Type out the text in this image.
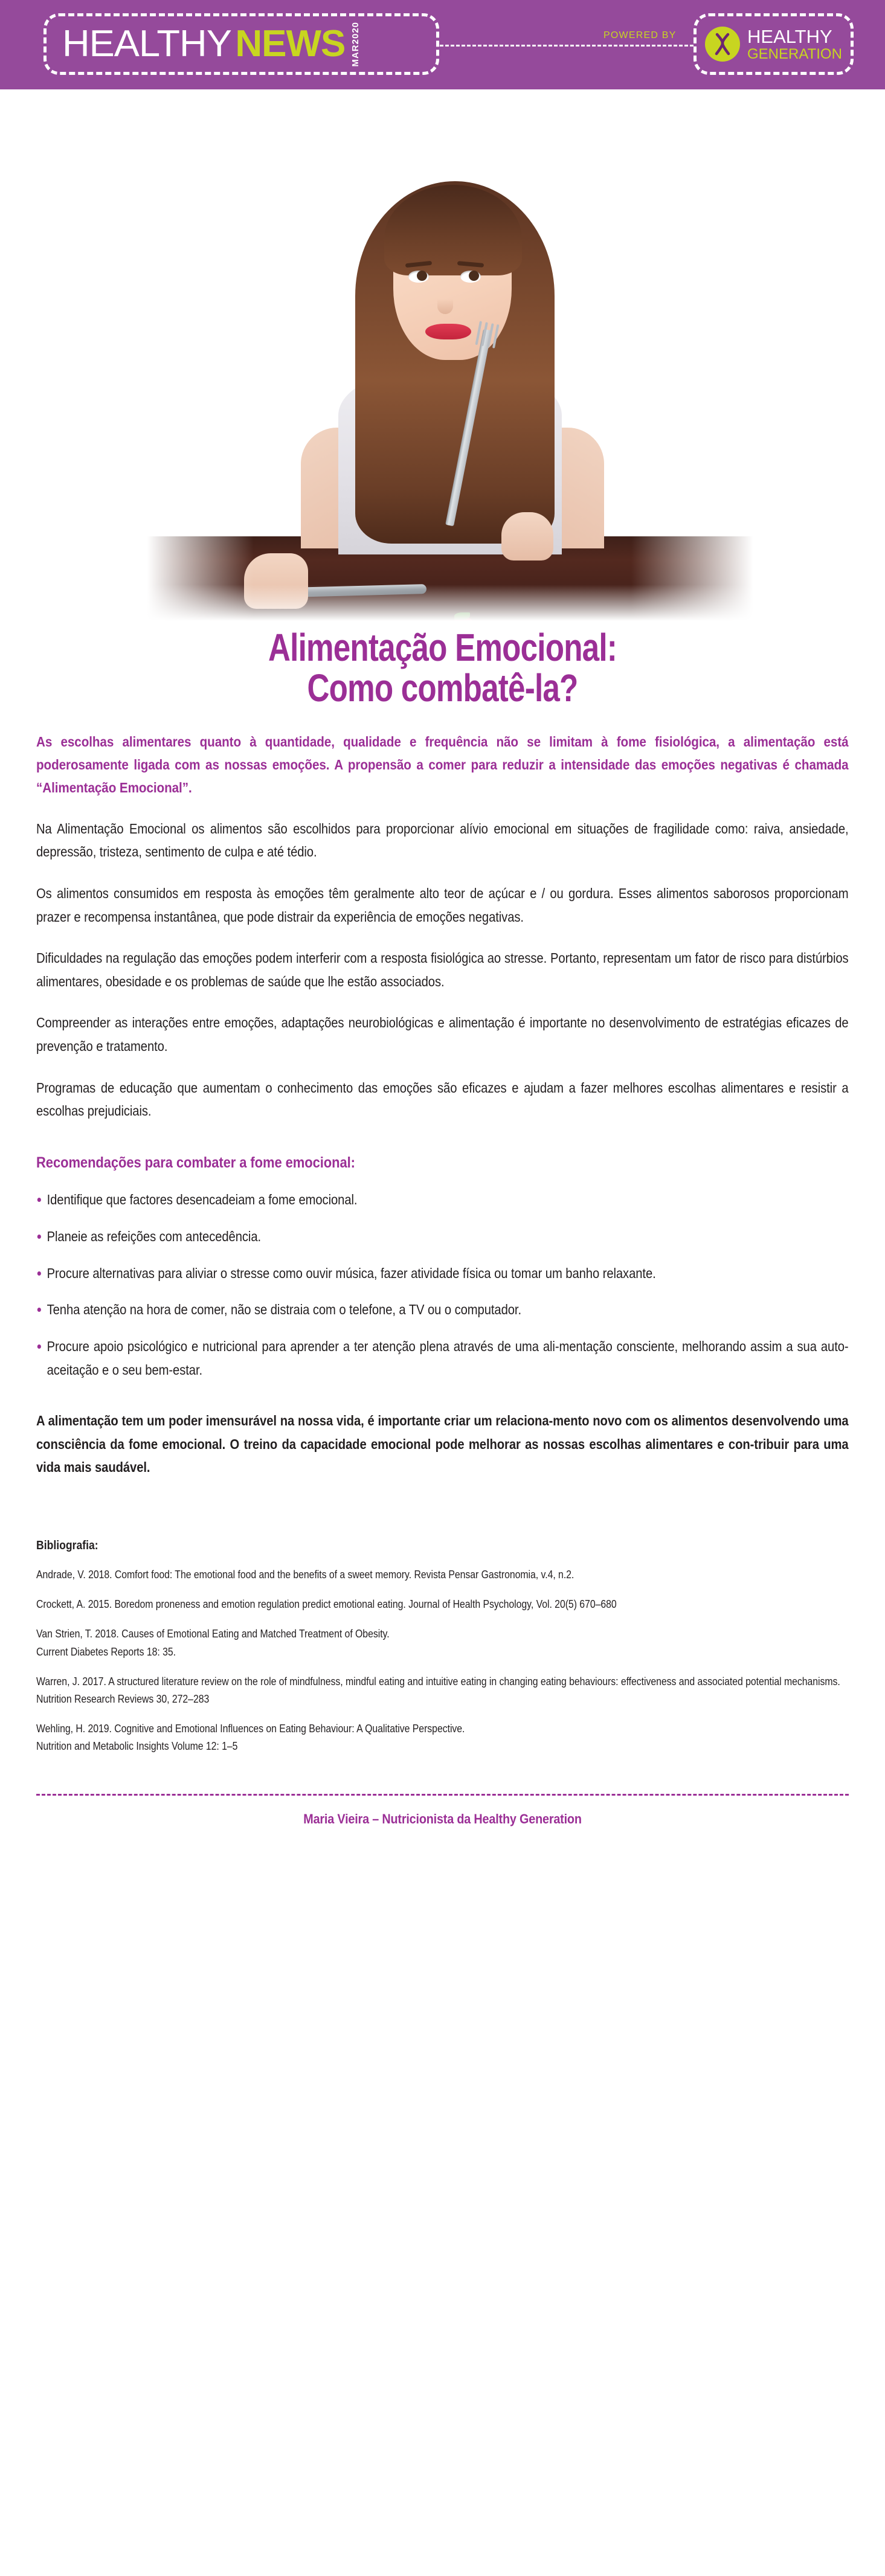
HEALTHY NEWS MAR2020	POWERED BY	HEALTHY
GENERATION
Alimentação Emocional:
Como combatê-la?
As escolhas alimentares quanto à quantidade, qualidade e frequência não se limitam à fome fisiológica, a alimentação está poderosamente ligada com as nossas emoções. A propensão a comer para reduzir a intensidade das emoções negativas é chamada “Alimentação Emocional”.
Na Alimentação Emocional os alimentos são escolhidos para proporcionar alívio emocional em situações de fragilidade como: raiva, ansiedade, depressão, tristeza, sentimento de culpa e até tédio.
Os alimentos consumidos em resposta às emoções têm geralmente alto teor de açúcar e / ou gordura. Esses alimentos saborosos proporcionam prazer e recompensa instantânea, que pode distrair da experiência de emoções negativas.
Dificuldades na regulação das emoções podem interferir com a resposta fisiológica ao stresse. Portanto, representam um fator de risco para distúrbios alimentares, obesidade e os problemas de saúde que lhe estão associados.
Compreender as interações entre emoções, adaptações neurobiológicas e alimentação é importante no desenvolvimento de estratégias eficazes de prevenção e tratamento.
Programas de educação que aumentam o conhecimento das emoções são eficazes e ajudam a fazer melhores escolhas alimentares e resistir a escolhas prejudiciais.
Recomendações para combater a fome emocional:
Identifique que factores desencadeiam a fome emocional.
Planeie as refeições com antecedência.
Procure alternativas para aliviar o stresse como ouvir música, fazer atividade física ou tomar um banho relaxante.
Tenha atenção na hora de comer, não se distraia com o telefone, a TV ou o computador.
Procure apoio psicológico e nutricional para aprender a ter atenção plena através de uma ali-mentação consciente, melhorando assim a sua auto-aceitação e o seu bem-estar.
A alimentação tem um poder imensurável na nossa vida, é importante criar um relaciona-mento novo com os alimentos desenvolvendo uma consciência da fome emocional. O treino da capacidade emocional pode melhorar as nossas escolhas alimentares e con-tribuir para uma vida mais saudável.
Bibliografia:
Andrade, V. 2018. Comfort food: The emotional food and the benefits of a sweet memory. Revista Pensar Gastronomia, v.4, n.2.
Crockett, A. 2015. Boredom proneness and emotion regulation predict emotional eating. Journal of Health Psychology, Vol. 20(5) 670–680
Van Strien, T. 2018. Causes of Emotional Eating and Matched Treatment of Obesity.
Current Diabetes Reports 18: 35.
Warren, J. 2017. A structured literature review on the role of mindfulness, mindful eating and intuitive eating in changing eating behaviours: effectiveness and associated potential mechanisms.
Nutrition Research Reviews 30, 272–283
Wehling, H. 2019. Cognitive and Emotional Influences on Eating Behaviour: A Qualitative Perspective.
Nutrition and Metabolic Insights Volume 12: 1–5
Maria Vieira – Nutricionista da Healthy Generation
